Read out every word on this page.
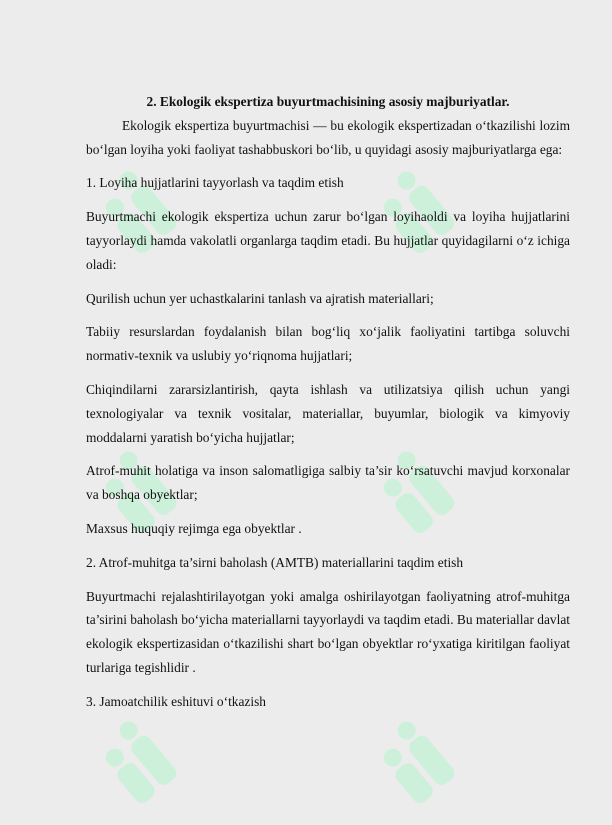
2. Ekologik ekspertiza buyurtmachisining asosiy majburiyatlar.

Ekologik ekspertiza buyurtmachisi — bu ekologik ekspertizadan o‘tkazilishi lozim bo‘lgan loyiha yoki faoliyat tashabbuskori bo‘lib, u quyidagi asosiy majburiyatlarga ega:

1. Loyiha hujjatlarini tayyorlash va taqdim etish

Buyurtmachi ekologik ekspertiza uchun zarur bo‘lgan loyihaoldi va loyiha hujjatlarini tayyorlaydi hamda vakolatli organlarga taqdim etadi. Bu hujjatlar quyidagilarni o‘z ichiga oladi:

Qurilish uchun yer uchastkalarini tanlash va ajratish materiallari;

Tabiiy resurslardan foydalanish bilan bog‘liq xo‘jalik faoliyatini tartibga soluvchi normativ-texnik va uslubiy yo‘riqnoma hujjatlari;

Chiqindilarni zararsizlantirish, qayta ishlash va utilizatsiya qilish uchun yangi texnologiyalar va texnik vositalar, materiallar, buyumlar, biologik va kimyoviy moddalarni yaratish bo‘yicha hujjatlar;

Atrof-muhit holatiga va inson salomatligiga salbiy ta’sir ko‘rsatuvchi mavjud korxonalar va boshqa obyektlar;

Maxsus huquqiy rejimga ega obyektlar .

2. Atrof-muhitga ta’sirni baholash (AMTB) materiallarini taqdim etish

Buyurtmachi rejalashtirilayotgan yoki amalga oshirilayotgan faoliyatning atrof-muhitga ta’sirini baholash bo‘yicha materiallarni tayyorlaydi va taqdim etadi. Bu materiallar davlat ekologik ekspertizasidan o‘tkazilishi shart bo‘lgan obyektlar ro‘yxatiga kiritilgan faoliyat turlariga tegishlidir .

3. Jamoatchilik eshituvi o‘tkazish
